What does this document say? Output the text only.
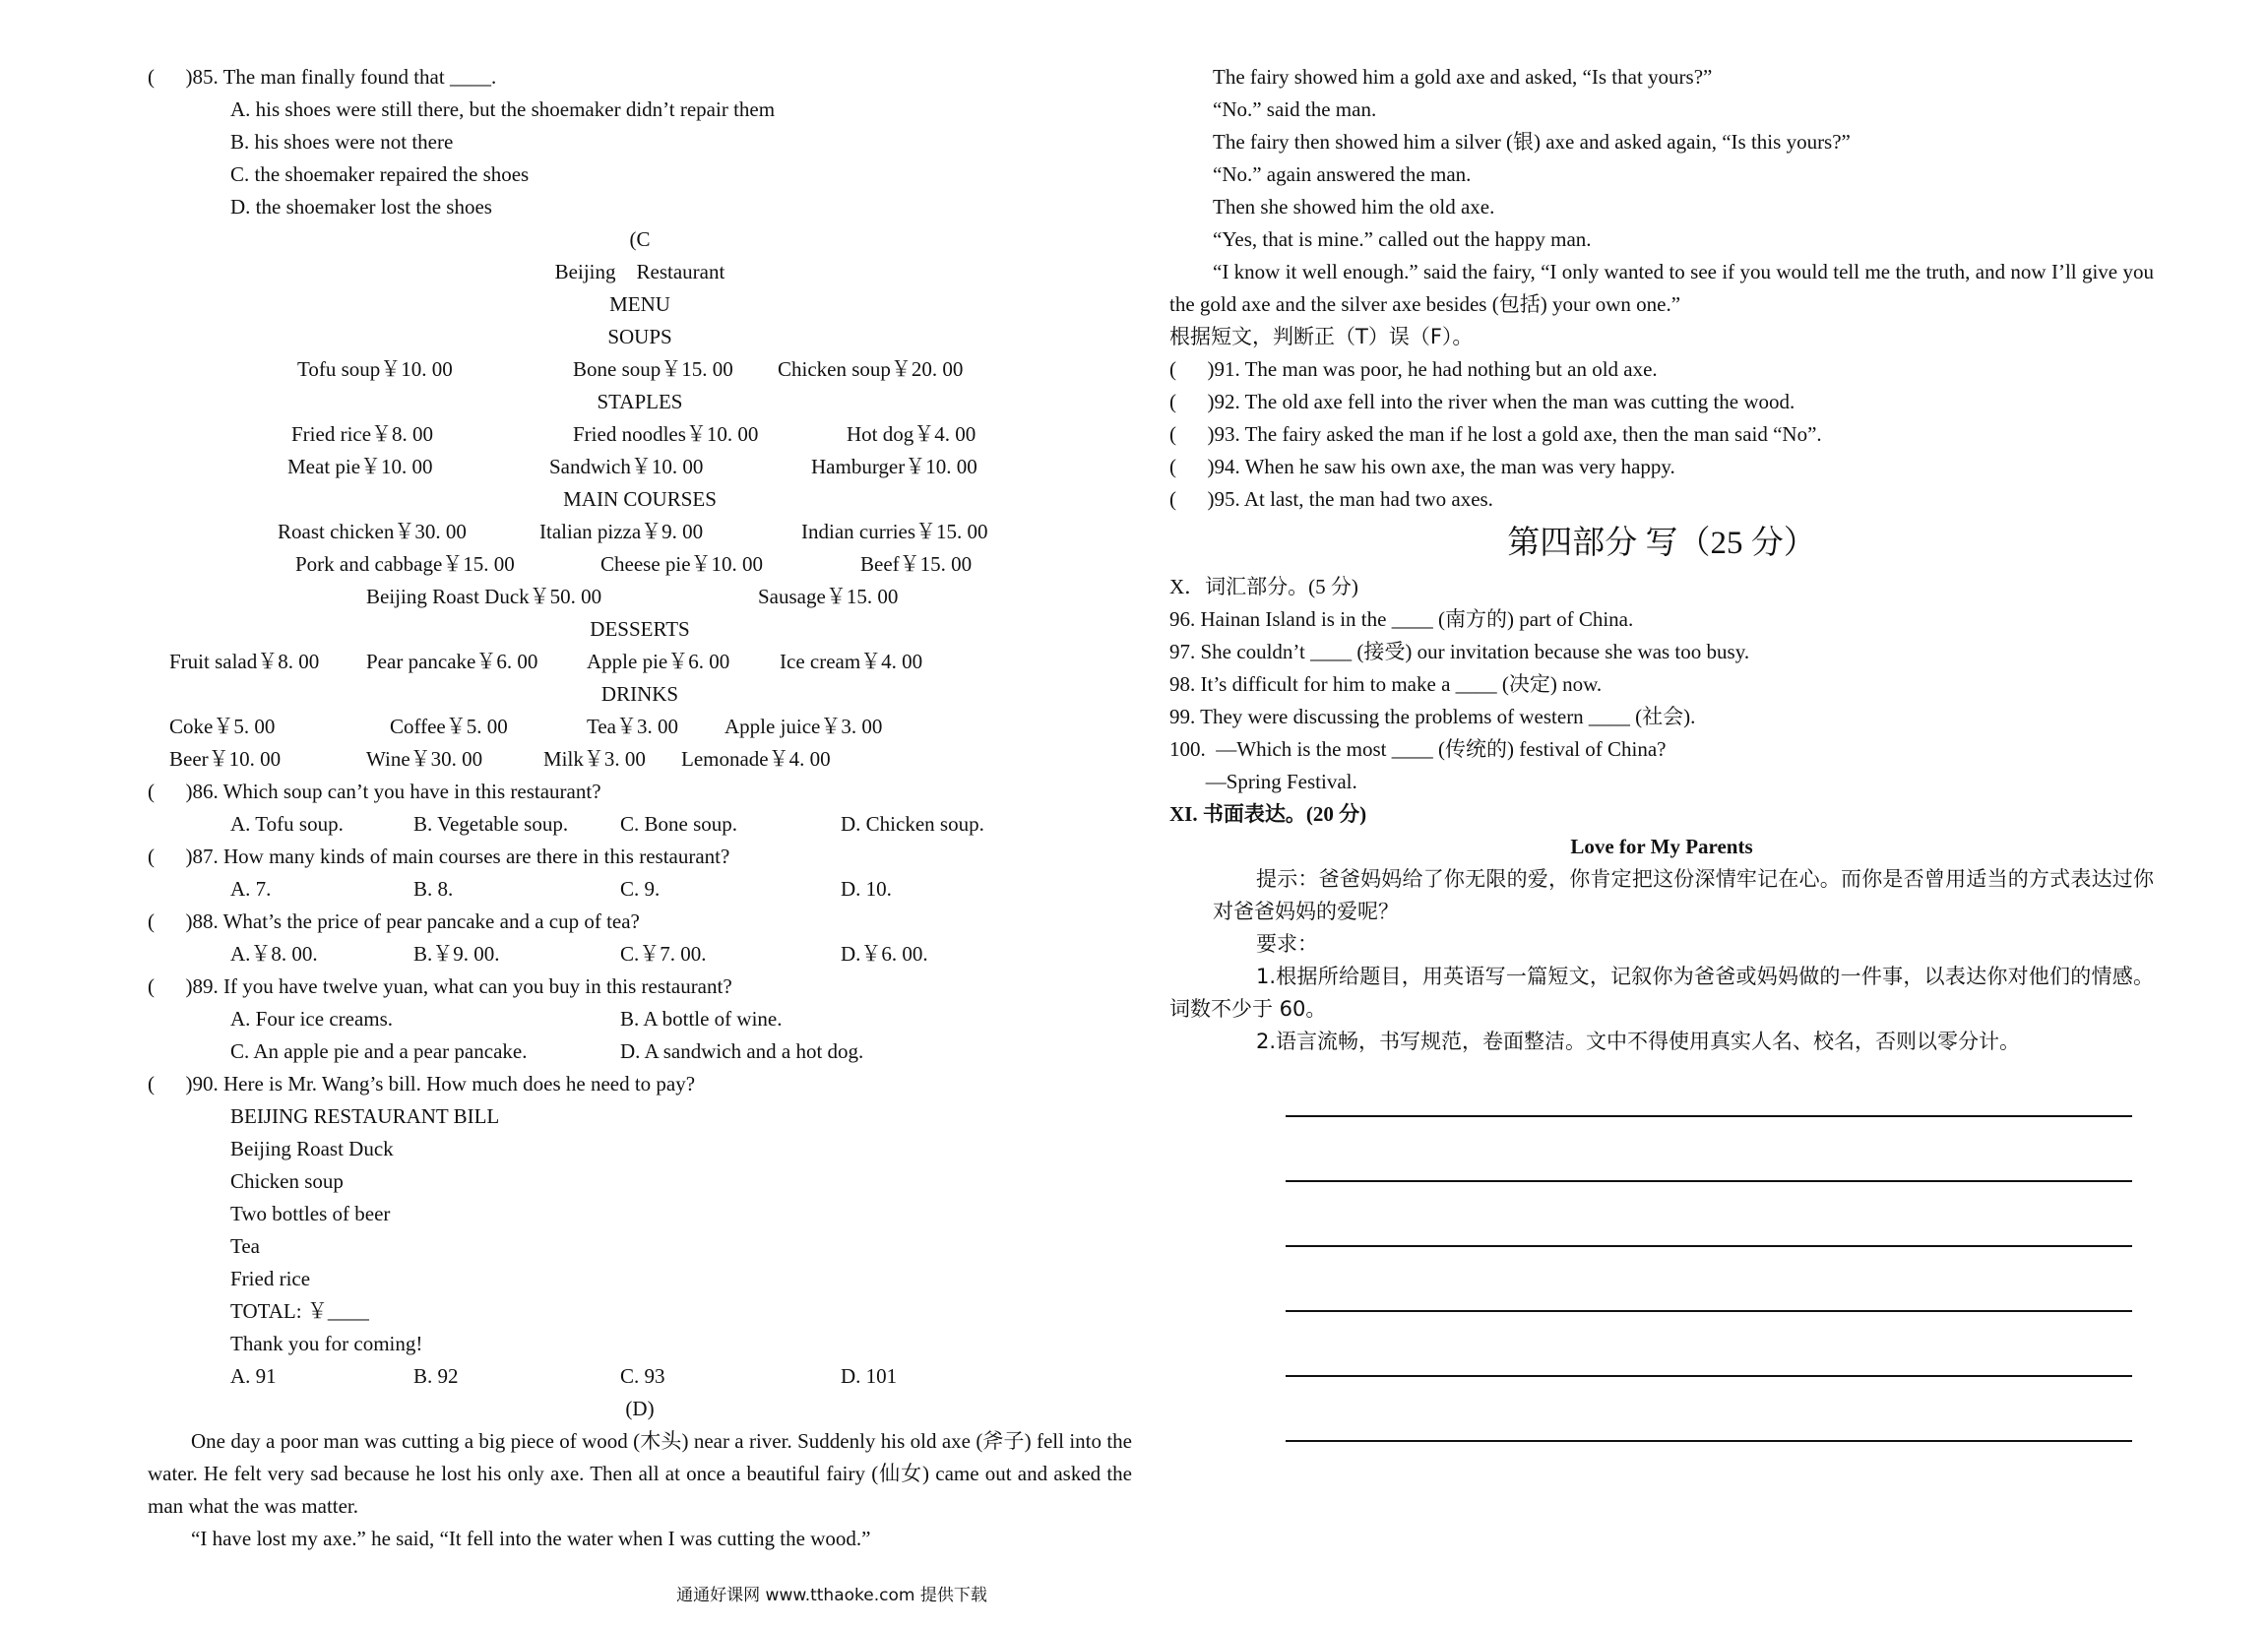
(      )85. The man finally found that ____.
A. his shoes were still there, but the shoemaker didn’t repair them
B. his shoes were not there
C. the shoemaker repaired the shoes
D. the shoemaker lost the shoes
(C
Beijing    Restaurant
MENU
SOUPS
Tofu soup￥10. 00	Bone soup￥15. 00 Chicken soup￥20. 00
STAPLES
Fried rice￥8. 00	Fried noodles￥10. 00	Hot dog￥4. 00
Meat pie￥10. 00	Sandwich￥10. 00	Hamburger￥10. 00
MAIN COURSES
Roast chicken￥30. 00	Italian pizza￥9. 00	Indian curries￥15. 00
Pork and cabbage￥15. 00	Cheese pie￥10. 00	Beef￥15. 00
Beijing Roast Duck￥50. 00	Sausage￥15. 00
DESSERTS
Fruit salad￥8. 00 Pear pancake￥6. 00 Apple pie￥6. 00 Ice cream￥4. 00
DRINKS
Coke￥5. 00	Coffee￥5. 00	Tea￥3. 00 Apple juice￥3. 00
Beer￥10. 00	Wine￥30. 00	Milk￥3. 00 Lemonade￥4. 00
(      )86. Which soup can’t you have in this restaurant?
A. Tofu soup.	B. Vegetable soup.	C. Bone soup.	D. Chicken soup.
(      )87. How many kinds of main courses are there in this restaurant?
A. 7.	B. 8.	C. 9.	D. 10.
(      )88. What’s the price of pear pancake and a cup of tea?
A.￥8. 00.	B.￥9. 00.	C.￥7. 00.	D.￥6. 00.
(      )89. If you have twelve yuan, what can you buy in this restaurant?
A. Four ice creams.	B. A bottle of wine.
C. An apple pie and a pear pancake.	D. A sandwich and a hot dog.
(      )90. Here is Mr. Wang’s bill. How much does he need to pay?
BEIJING RESTAURANT BILL
Beijing Roast Duck
Chicken soup
Two bottles of beer
Tea
Fried rice
TOTAL: ￥____
Thank you for coming!
A. 91	B. 92	C. 93	D. 101
(D)
One day a poor man was cutting a big piece of wood (木头) near a river. Suddenly his old axe (斧子) fell into the water. He felt very sad because he lost his only axe. Then all at once a beautiful fairy (仙女) came out and asked the man what the was matter.
“I have lost my axe.” he said, “It fell into the water when I was cutting the wood.”
The fairy showed him a gold axe and asked, “Is that yours?”
“No.” said the man.
The fairy then showed him a silver (银) axe and asked again, “Is this yours?”
“No.” again answered the man.
Then she showed him the old axe.
“Yes, that is mine.” called out the happy man.
“I know it well enough.” said the fairy, “I only wanted to see if you would tell me the truth, and now I’ll give you the gold axe and the silver axe besides (包括) your own one.”
根据短文，判断正（T）误（F）。
(      )91. The man was poor, he had nothing but an old axe.
(      )92. The old axe fell into the river when the man was cutting the wood.
(      )93. The fairy asked the man if he lost a gold axe, then the man said “No”.
(      )94. When he saw his own axe, the man was very happy.
(      )95. At last, the man had two axes.
第四部分 写（25 分）
X．词汇部分。(5 分)
96. Hainan Island is in the ____ (南方的) part of China.
97. She couldn’t ____ (接受) our invitation because she was too busy.
98. It’s difficult for him to make a ____ (决定) now.
99. They were discussing the problems of western ____ (社会).
100.  —Which is the most ____ (传统的) festival of China?
—Spring Festival.
XI. 书面表达。(20 分)
Love for My Parents
提示：爸爸妈妈给了你无限的爱，你肯定把这份深情牢记在心。而你是否曾用适当的方式表达过你对爸爸妈妈的爱呢？
要求：
1.根据所给题目，用英语写一篇短文，记叙你为爸爸或妈妈做的一件事，以表达你对他们的情感。词数不少于 60。
2.语言流畅，书写规范，卷面整洁。文中不得使用真实人名、校名，否则以零分计。
通通好课网 www.tthaoke.com 提供下载
